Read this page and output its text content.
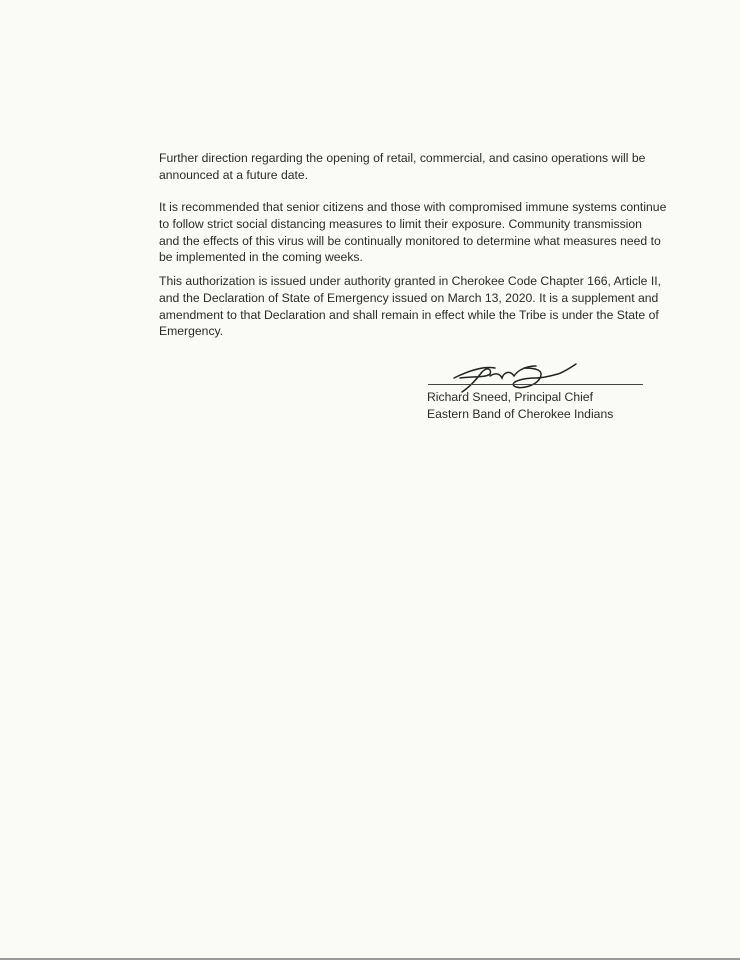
Further direction regarding the opening of retail, commercial, and casino operations will be
announced at a future date.
It is recommended that senior citizens and those with compromised immune systems continue
to follow strict social distancing measures to limit their exposure. Community transmission
and the effects of this virus will be continually monitored to determine what measures need to
be implemented in the coming weeks.
This authorization is issued under authority granted in Cherokee Code Chapter 166, Article II,
and the Declaration of State of Emergency issued on March 13, 2020. It is a supplement and
amendment to that Declaration and shall remain in effect while the Tribe is under the State of
Emergency.
Richard Sneed, Principal Chief
Eastern Band of Cherokee Indians
